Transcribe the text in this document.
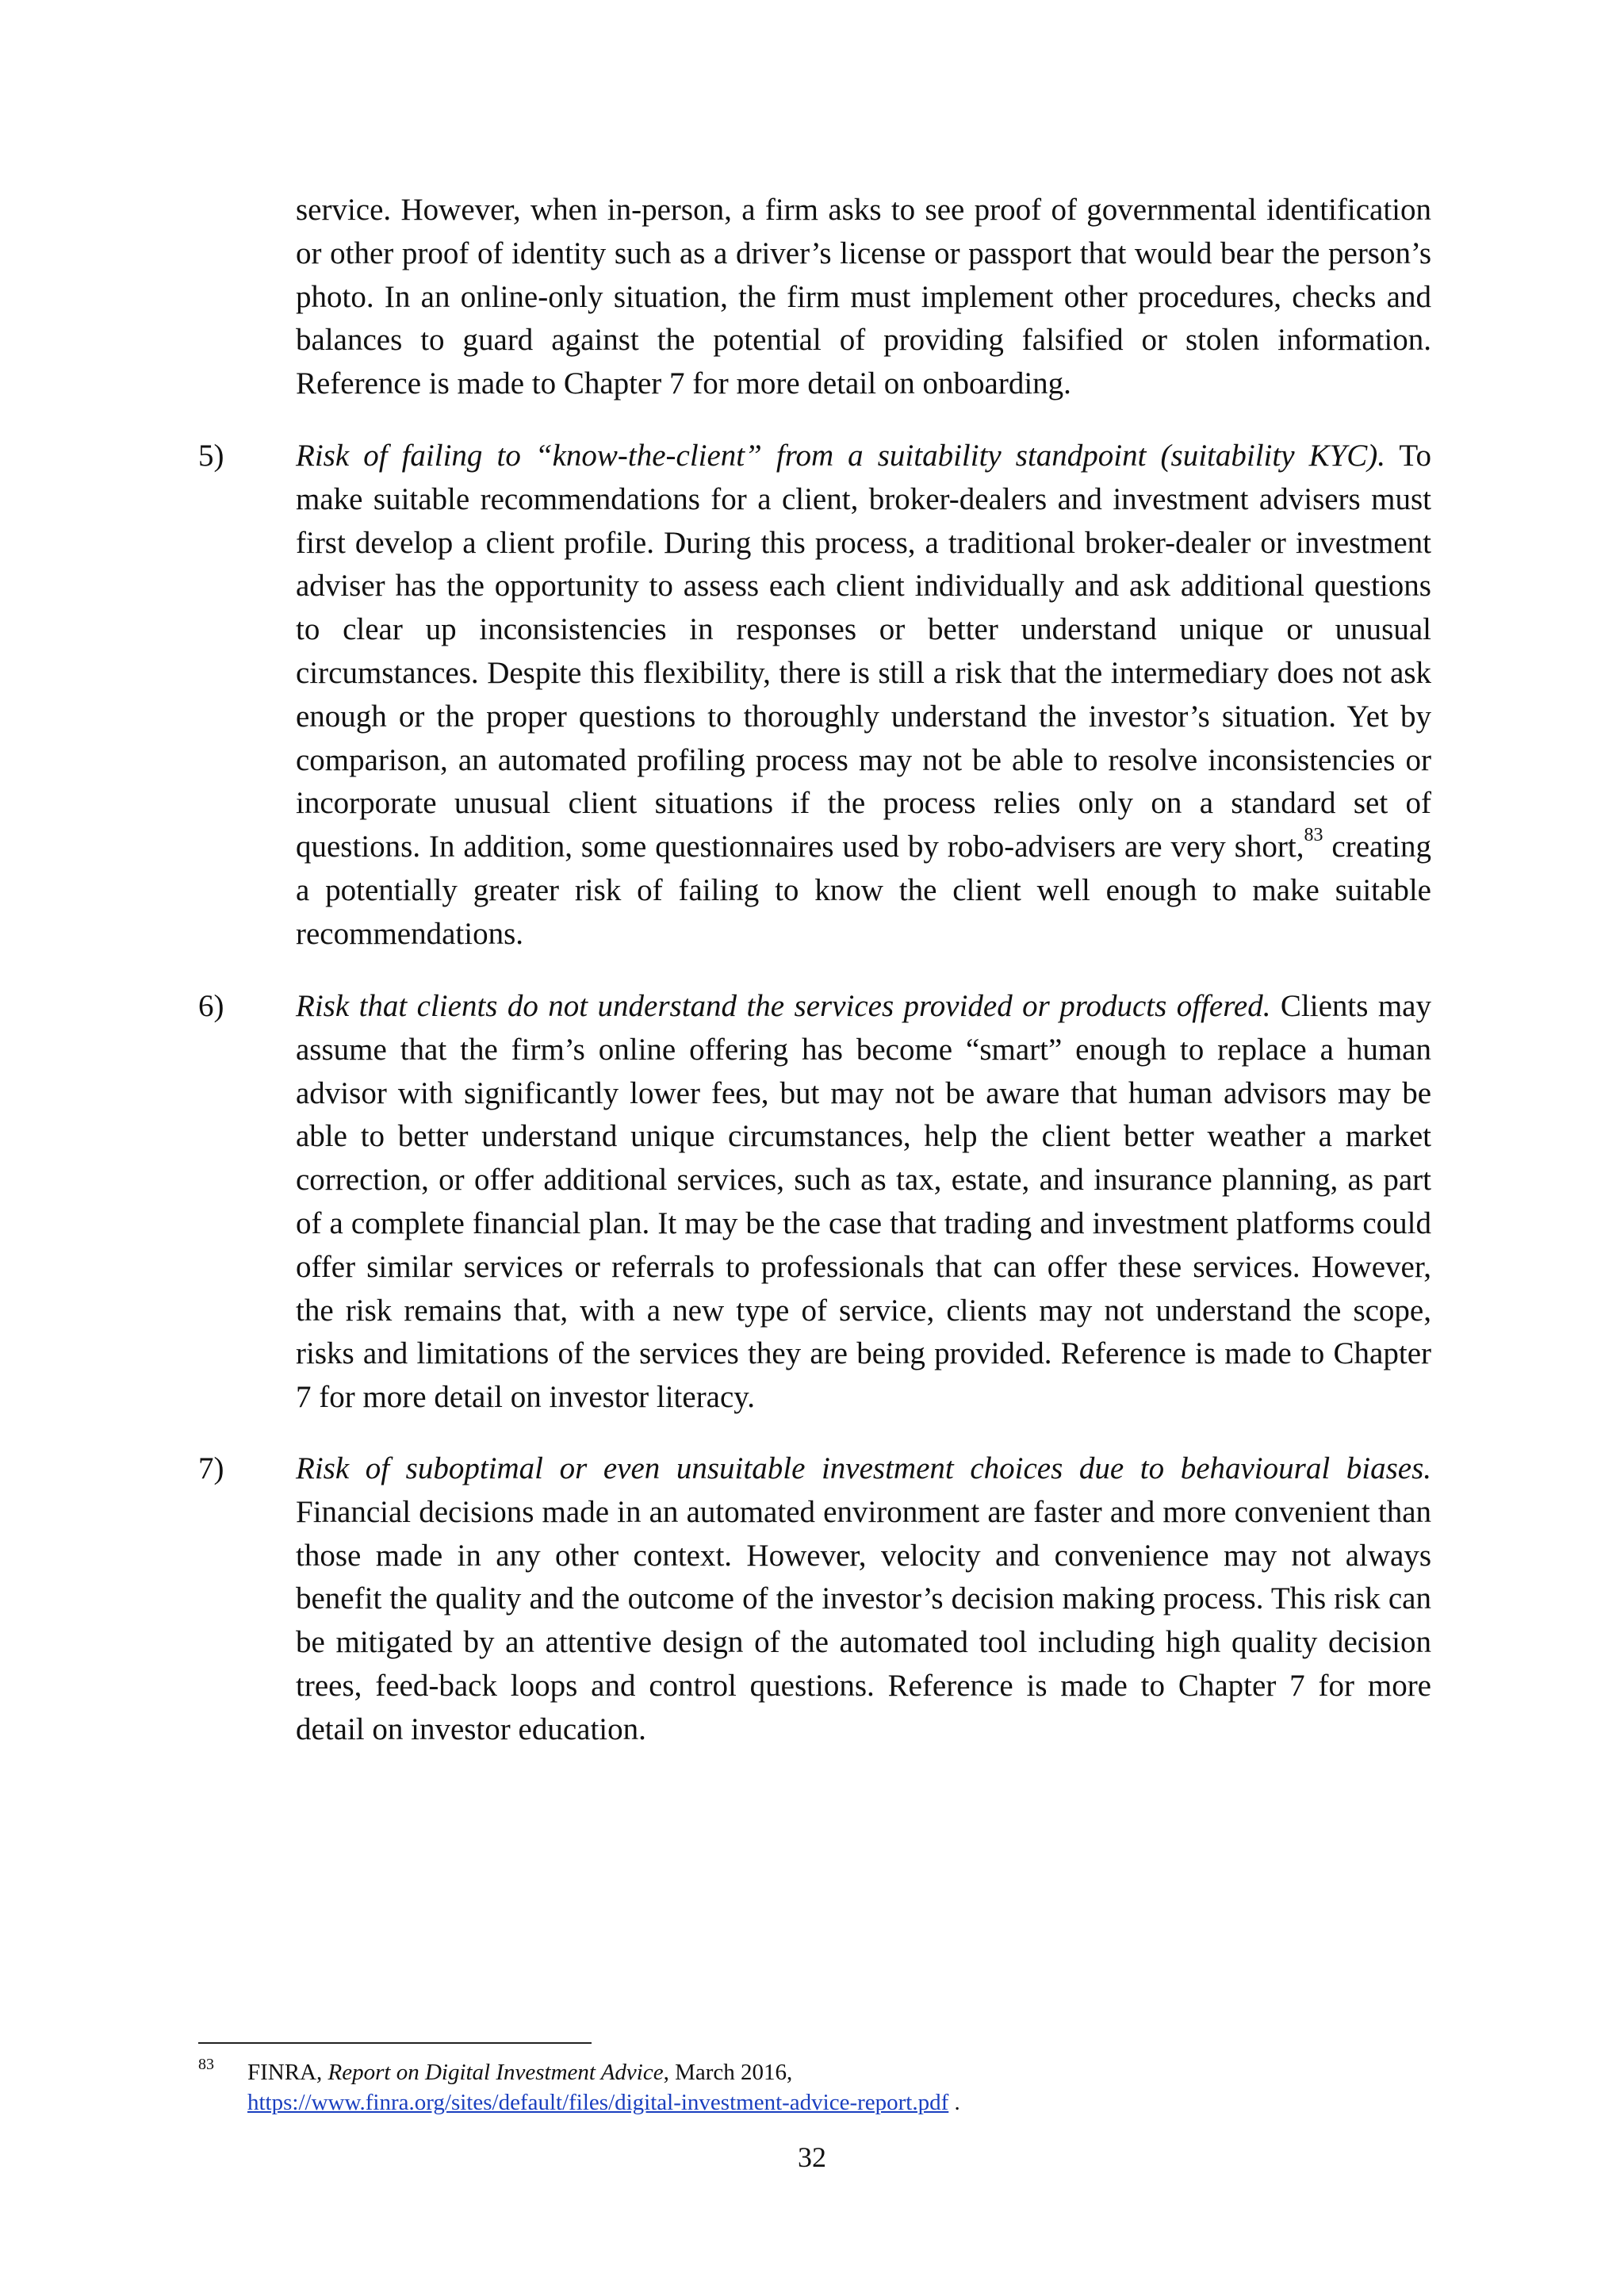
service. However, when in-person, a firm asks to see proof of governmental identification or other proof of identity such as a driver’s license or passport that would bear the person’s photo. In an online-only situation, the firm must implement other procedures, checks and balances to guard against the potential of providing falsified or stolen information. Reference is made to Chapter 7 for more detail on onboarding.

5) Risk of failing to “know-the-client” from a suitability standpoint (suitability KYC). To make suitable recommendations for a client, broker-dealers and investment advisers must first develop a client profile. During this process, a traditional broker-dealer or investment adviser has the opportunity to assess each client individually and ask additional questions to clear up inconsistencies in responses or better understand unique or unusual circumstances. Despite this flexibility, there is still a risk that the intermediary does not ask enough or the proper questions to thoroughly understand the investor’s situation. Yet by comparison, an automated profiling process may not be able to resolve inconsistencies or incorporate unusual client situations if the process relies only on a standard set of questions. In addition, some questionnaires used by robo-advisers are very short,$^{83}$ creating a potentially greater risk of failing to know the client well enough to make suitable recommendations.

6) Risk that clients do not understand the services provided or products offered. Clients may assume that the firm’s online offering has become “smart” enough to replace a human advisor with significantly lower fees, but may not be aware that human advisors may be able to better understand unique circumstances, help the client better weather a market correction, or offer additional services, such as tax, estate, and insurance planning, as part of a complete financial plan. It may be the case that trading and investment platforms could offer similar services or referrals to professionals that can offer these services. However, the risk remains that, with a new type of service, clients may not understand the scope, risks and limitations of the services they are being provided. Reference is made to Chapter 7 for more detail on investor literacy.

7) Risk of suboptimal or even unsuitable investment choices due to behavioural biases. Financial decisions made in an automated environment are faster and more convenient than those made in any other context. However, velocity and convenience may not always benefit the quality and the outcome of the investor’s decision making process. This risk can be mitigated by an attentive design of the automated tool including high quality decision trees, feed-back loops and control questions. Reference is made to Chapter 7 for more detail on investor education.

83 FINRA, Report on Digital Investment Advice, March 2016,
https://www.finra.org/sites/default/files/digital-investment-advice-report.pdf .
32
